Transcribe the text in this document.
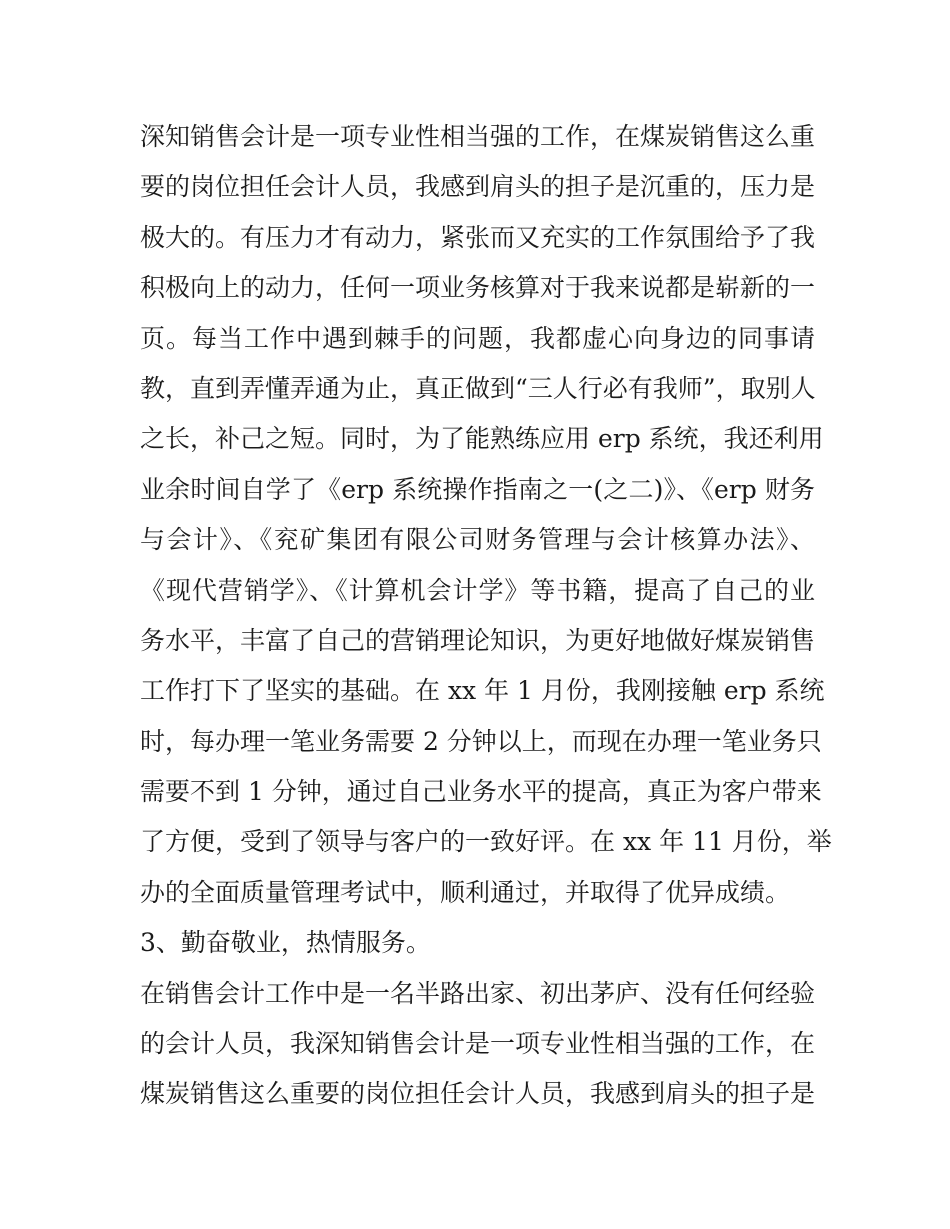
深知销售会计是一项专业性相当强的工作，在煤炭销售这么重
要的岗位担任会计人员，我感到肩头的担子是沉重的，压力是
极大的。有压力才有动力，紧张而又充实的工作氛围给予了我
积极向上的动力，任何一项业务核算对于我来说都是崭新的一
页。每当工作中遇到棘手的问题，我都虚心向身边的同事请
教，直到弄懂弄通为止，真正做到“三人行必有我师”，取别人
之长，补己之短。同时，为了能熟练应用 erp 系统，我还利用
业余时间自学了《erp 系统操作指南之一(之二)》、《erp 财务
与会计》、《兖矿集团有限公司财务管理与会计核算办法》、
《现代营销学》、《计算机会计学》等书籍，提高了自己的业
务水平，丰富了自己的营销理论知识，为更好地做好煤炭销售
工作打下了坚实的基础。在 xx 年 1 月份，我刚接触 erp 系统
时，每办理一笔业务需要 2 分钟以上，而现在办理一笔业务只
需要不到 1 分钟，通过自己业务水平的提高，真正为客户带来
了方便，受到了领导与客户的一致好评。在 xx 年 11 月份，举
办的全面质量管理考试中，顺利通过，并取得了优异成绩。
3、勤奋敬业，热情服务。
在销售会计工作中是一名半路出家、初出茅庐、没有任何经验
的会计人员，我深知销售会计是一项专业性相当强的工作，在
煤炭销售这么重要的岗位担任会计人员，我感到肩头的担子是
